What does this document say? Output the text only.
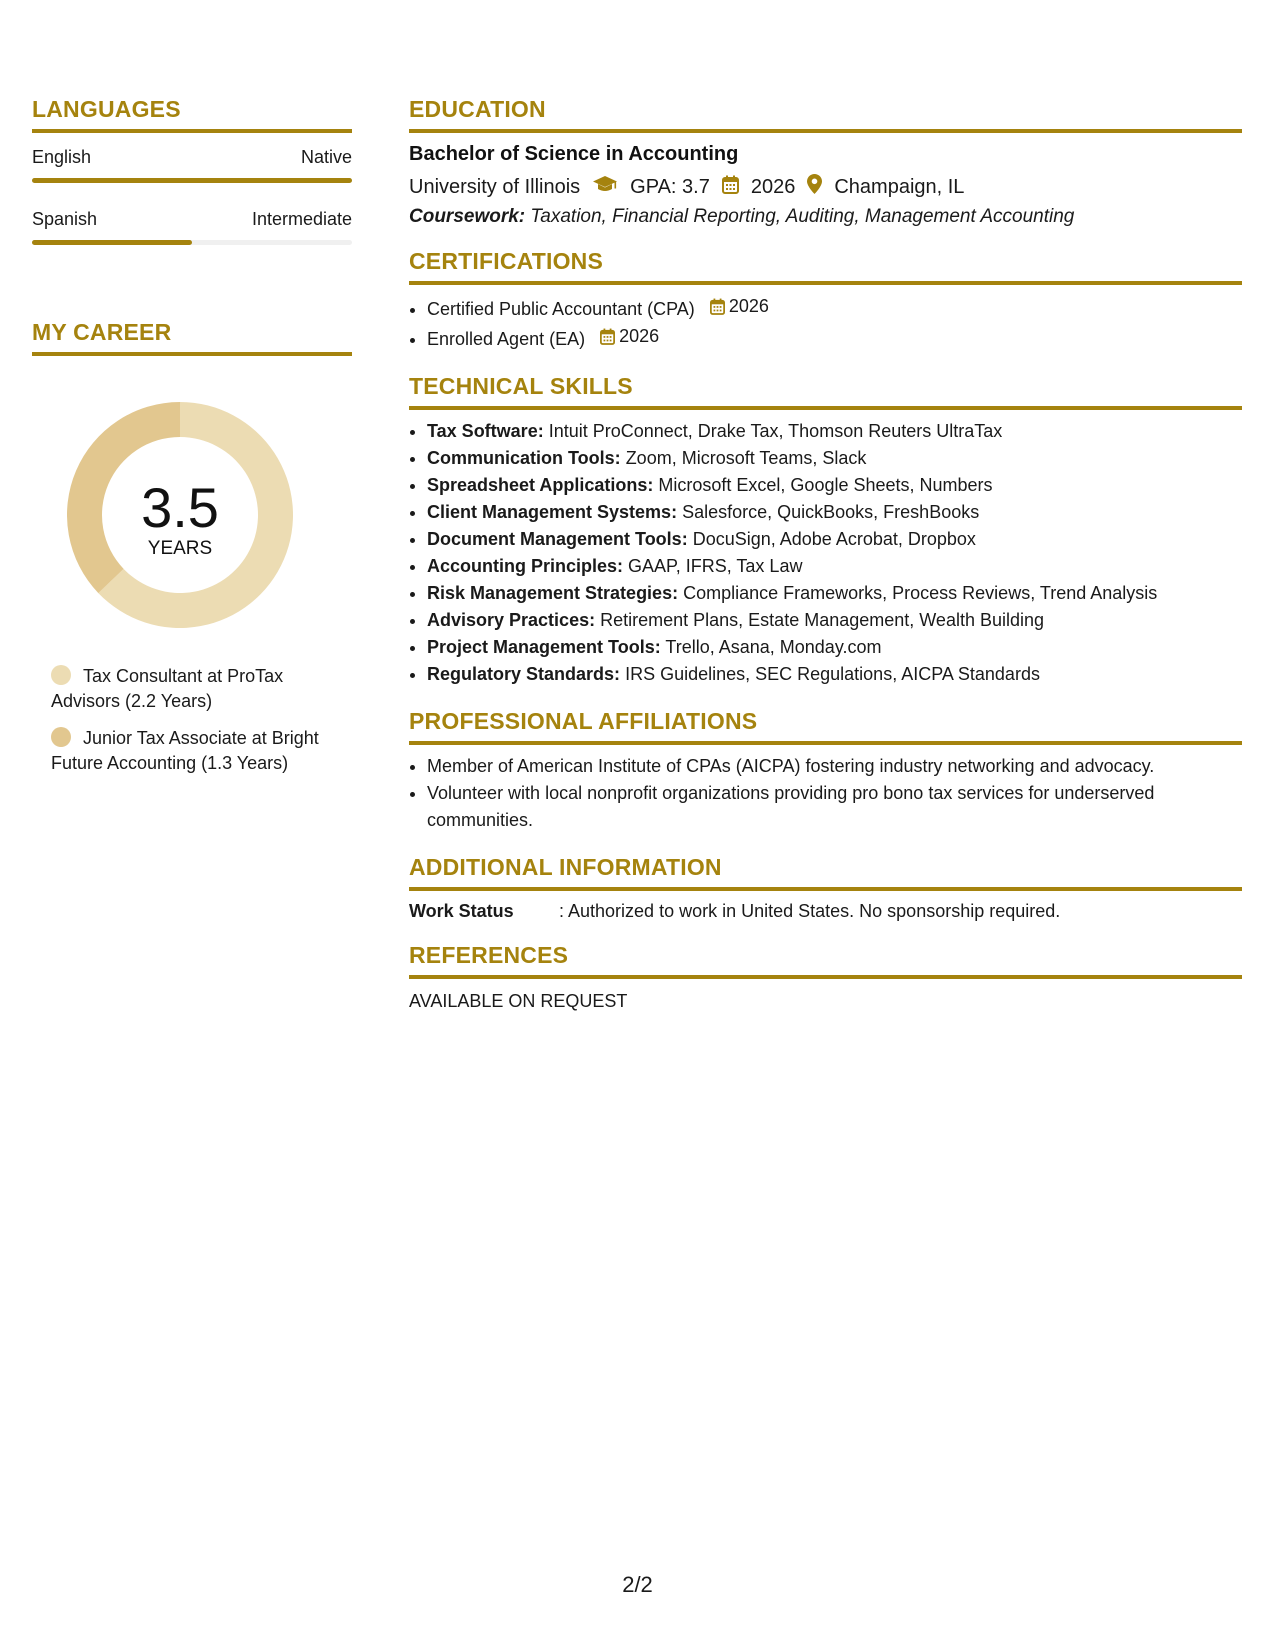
LANGUAGES
English	Native
Spanish	Intermediate
MY CAREER
3.5
YEARS
Tax Consultant at ProTax Advisors (2.2 Years)
Junior Tax Associate at Bright Future Accounting (1.3 Years)
EDUCATION
Bachelor of Science in Accounting
University of Illinois	GPA: 3.7 2026 Champaign, IL
Coursework: Taxation, Financial Reporting, Auditing, Management Accounting
CERTIFICATIONS
• Certified Public Accountant (CPA) 2026
• Enrolled Agent (EA) 2026
TECHNICAL SKILLS
• Tax Software: Intuit ProConnect, Drake Tax, Thomson Reuters UltraTax
• Communication Tools: Zoom, Microsoft Teams, Slack
• Spreadsheet Applications: Microsoft Excel, Google Sheets, Numbers
• Client Management Systems: Salesforce, QuickBooks, FreshBooks
• Document Management Tools: DocuSign, Adobe Acrobat, Dropbox
• Accounting Principles: GAAP, IFRS, Tax Law
• Risk Management Strategies: Compliance Frameworks, Process Reviews, Trend Analysis
• Advisory Practices: Retirement Plans, Estate Management, Wealth Building
• Project Management Tools: Trello, Asana, Monday.com
• Regulatory Standards: IRS Guidelines, SEC Regulations, AICPA Standards
PROFESSIONAL AFFILIATIONS
• Member of American Institute of CPAs (AICPA) fostering industry networking and advocacy.
• Volunteer with local nonprofit organizations providing pro bono tax services for underserved communities.
ADDITIONAL INFORMATION
Work Status	: Authorized to work in United States. No sponsorship required.
REFERENCES
AVAILABLE ON REQUEST
2/2
